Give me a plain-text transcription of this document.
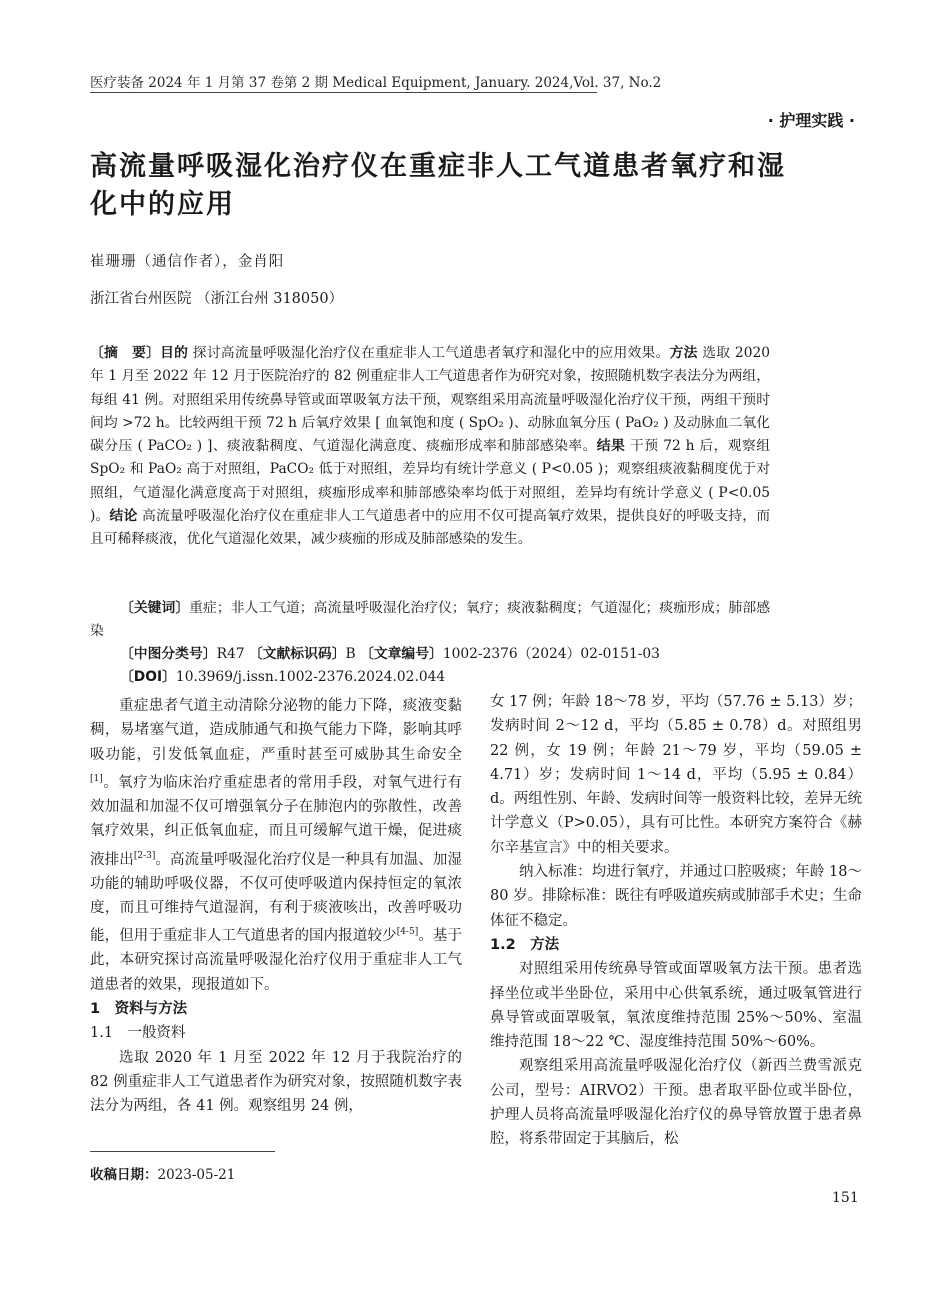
医疗装备 2024 年 1 月第 37 卷第 2 期 Medical Equipment, January. 2024,Vol. 37, No.2
· 护理实践 ·
高流量呼吸湿化治疗仪在重症非人工气道患者氧疗和湿化中的应用
崔珊珊（通信作者），金肖阳
浙江省台州医院 （浙江台州 318050）

〔摘　要〕目的 探讨高流量呼吸湿化治疗仪在重症非人工气道患者氧疗和湿化中的应用效果。方法 选取 2020 年 1 月至 2022 年 12 月于医院治疗的 82 例重症非人工气道患者作为研究对象，按照随机数字表法分为两组，每组 41 例。对照组采用传统鼻导管或面罩吸氧方法干预，观察组采用高流量呼吸湿化治疗仪干预，两组干预时间均 >72 h。比较两组干预 72 h 后氧疗效果 [ 血氧饱和度 ( SpO₂ )、动脉血氧分压 ( PaO₂ ) 及动脉血二氧化碳分压 ( PaCO₂ ) ]、痰液黏稠度、气道湿化满意度、痰痂形成率和肺部感染率。结果 干预 72 h 后，观察组 SpO₂ 和 PaO₂ 高于对照组，PaCO₂ 低于对照组，差异均有统计学意义 ( P<0.05 )；观察组痰液黏稠度优于对照组，气道湿化满意度高于对照组，痰痂形成率和肺部感染率均低于对照组，差异均有统计学意义 ( P<0.05 )。结论 高流量呼吸湿化治疗仪在重症非人工气道患者中的应用不仅可提高氧疗效果，提供良好的呼吸支持，而且可稀释痰液，优化气道湿化效果，减少痰痂的形成及肺部感染的发生。

〔关键词〕重症；非人工气道；高流量呼吸湿化治疗仪；氧疗；痰液黏稠度；气道湿化；痰痂形成；肺部感染

〔中图分类号〕R47 〔文献标识码〕B 〔文章编号〕1002-2376（2024）02-0151-03
〔DOI〕10.3969/j.issn.1002-2376.2024.02.044

重症患者气道主动清除分泌物的能力下降，痰液变黏稠，易堵塞气道，造成肺通气和换气能力下降，影响其呼吸功能，引发低氧血症，严重时甚至可威胁其生命安全[1]。氧疗为临床治疗重症患者的常用手段，对氧气进行有效加温和加湿不仅可增强氧分子在肺泡内的弥散性，改善氧疗效果，纠正低氧血症，而且可缓解气道干燥，促进痰液排出[2-3]。高流量呼吸湿化治疗仪是一种具有加温、加湿功能的辅助呼吸仪器，不仅可使呼吸道内保持恒定的氧浓度，而且可维持气道湿润，有利于痰液咳出，改善呼吸功能，但用于重症非人工气道患者的国内报道较少[4-5]。基于此，本研究探讨高流量呼吸湿化治疗仪用于重症非人工气道患者的效果，现报道如下。

1　资料与方法
1.1　一般资料

选取 2020 年 1 月至 2022 年 12 月于我院治疗的 82 例重症非人工气道患者作为研究对象，按照随机数字表法分为两组，各 41 例。观察组男 24 例，

女 17 例；年龄 18～78 岁，平均（57.76 ± 5.13）岁；发病时间 2～12 d，平均（5.85 ± 0.78）d。对照组男 22 例，女 19 例；年龄 21～79 岁，平均（59.05 ± 4.71）岁；发病时间 1～14 d，平均（5.95 ± 0.84）d。两组性别、年龄、发病时间等一般资料比较，差异无统计学意义（P>0.05），具有可比性。本研究方案符合《赫尔辛基宣言》中的相关要求。

纳入标准：均进行氧疗，并通过口腔吸痰；年龄 18～80 岁。排除标准：既往有呼吸道疾病或肺部手术史；生命体征不稳定。

1.2　方法

对照组采用传统鼻导管或面罩吸氧方法干预。患者选择坐位或半坐卧位，采用中心供氧系统，通过吸氧管进行鼻导管或面罩吸氧，氧浓度维持范围 25%～50%、室温维持范围 18～22 ℃、湿度维持范围 50%～60%。

观察组采用高流量呼吸湿化治疗仪（新西兰费雪派克公司，型号：AIRVO2）干预。患者取平卧位或半卧位，护理人员将高流量呼吸湿化治疗仪的鼻导管放置于患者鼻腔，将系带固定于其脑后，松

收稿日期：2023-05-21
151
